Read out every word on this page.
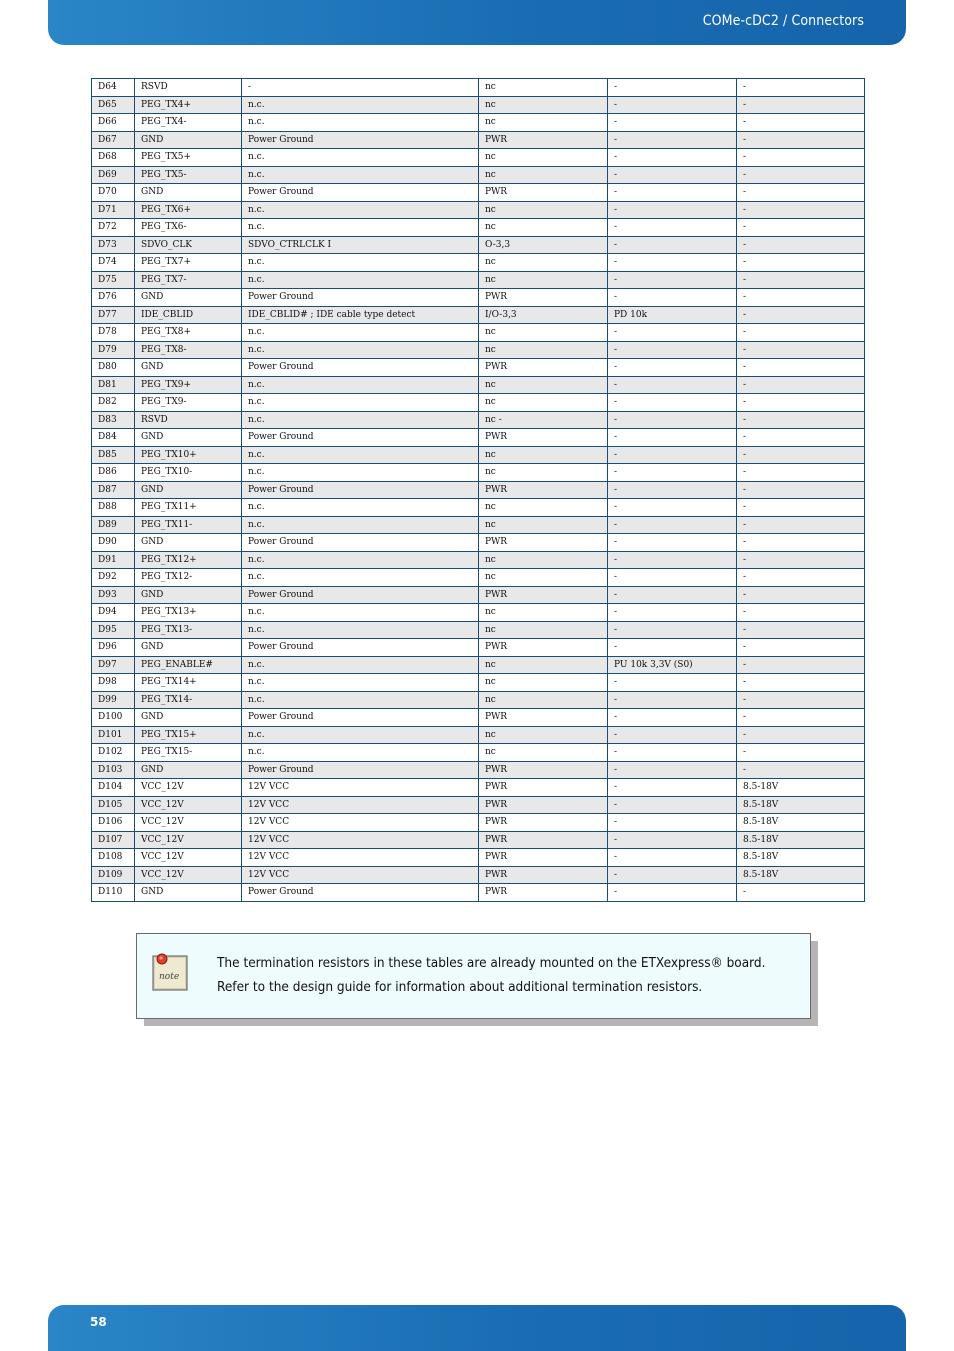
COMe-cDC2 / Connectors
D64	RSVD	-	nc	-	-
D65	PEG_TX4+	n.c.	nc	-	-
D66	PEG_TX4-	n.c.	nc	-	-
D67	GND	Power Ground	PWR	-	-
D68	PEG_TX5+	n.c.	nc	-	-
D69	PEG_TX5-	n.c.	nc	-	-
D70	GND	Power Ground	PWR	-	-
D71	PEG_TX6+	n.c.	nc	-	-
D72	PEG_TX6-	n.c.	nc	-	-
D73	SDVO_CLK	SDVO_CTRLCLK I	O-3,3	-	-
D74	PEG_TX7+	n.c.	nc	-	-
D75	PEG_TX7-	n.c.	nc	-	-
D76	GND	Power Ground	PWR	-	-
D77	IDE_CBLID	IDE_CBLID# ; IDE cable type detect	I/O-3,3	PD 10k	-
D78	PEG_TX8+	n.c.	nc	-	-
D79	PEG_TX8-	n.c.	nc	-	-
D80	GND	Power Ground	PWR	-	-
D81	PEG_TX9+	n.c.	nc	-	-
D82	PEG_TX9-	n.c.	nc	-	-
D83	RSVD	n.c.	nc -	-	-
D84	GND	Power Ground	PWR	-	-
D85	PEG_TX10+	n.c.	nc	-	-
D86	PEG_TX10-	n.c.	nc	-	-
D87	GND	Power Ground	PWR	-	-
D88	PEG_TX11+	n.c.	nc	-	-
D89	PEG_TX11-	n.c.	nc	-	-
D90	GND	Power Ground	PWR	-	-
D91	PEG_TX12+	n.c.	nc	-	-
D92	PEG_TX12-	n.c.	nc	-	-
D93	GND	Power Ground	PWR	-	-
D94	PEG_TX13+	n.c.	nc	-	-
D95	PEG_TX13-	n.c.	nc	-	-
D96	GND	Power Ground	PWR	-	-
D97	PEG_ENABLE#	n.c.	nc	PU 10k 3,3V (S0)	-
D98	PEG_TX14+	n.c.	nc	-	-
D99	PEG_TX14-	n.c.	nc	-	-
D100	GND	Power Ground	PWR	-	-
D101	PEG_TX15+	n.c.	nc	-	-
D102	PEG_TX15-	n.c.	nc	-	-
D103	GND	Power Ground	PWR	-	-
D104	VCC_12V	12V VCC	PWR	-	8.5-18V
D105	VCC_12V	12V VCC	PWR	-	8.5-18V
D106	VCC_12V	12V VCC	PWR	-	8.5-18V
D107	VCC_12V	12V VCC	PWR	-	8.5-18V
D108	VCC_12V	12V VCC	PWR	-	8.5-18V
D109	VCC_12V	12V VCC	PWR	-	8.5-18V
D110	GND	Power Ground	PWR	-	-
note
The termination resistors in these tables are already mounted on the ETXexpress® board.
Refer to the design guide for information about additional termination resistors.
58
